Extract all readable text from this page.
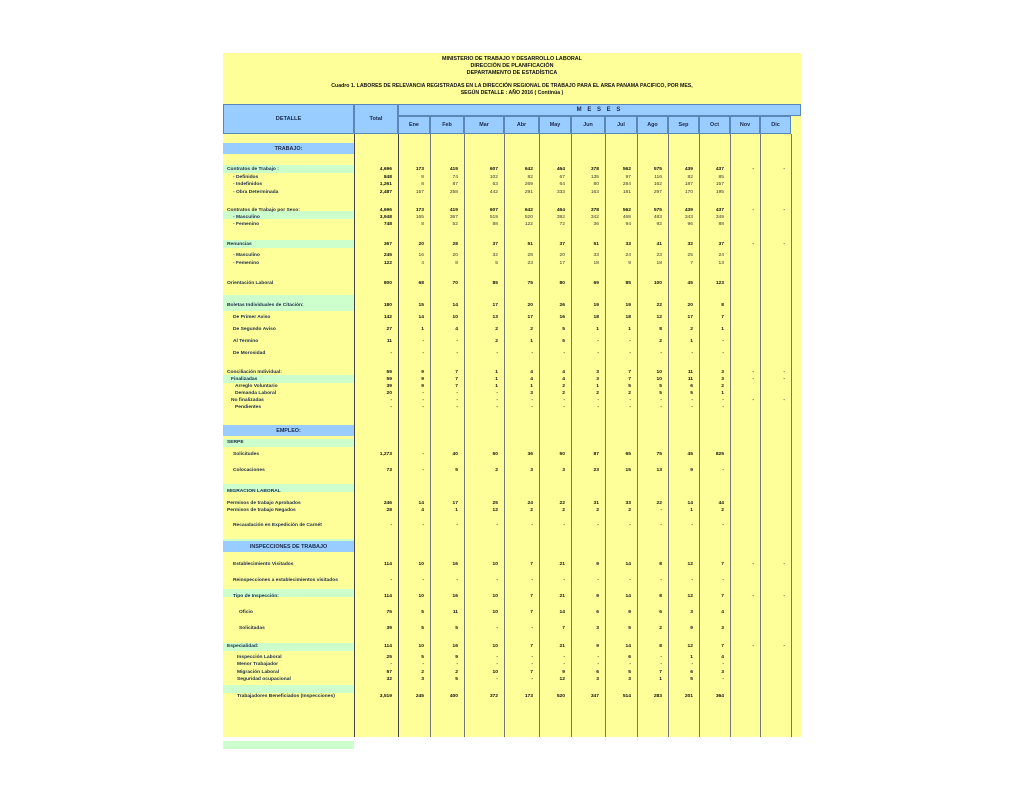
MINISTERIO DE TRABAJO Y DESARROLLO LABORAL
DIRECCIÓN DE PLANIFICACIÓN
DEPARTAMENTO DE ESTADÍSTICA
Cuadro 1. LABORES DE RELEVANCIA REGISTRADAS EN LA DIRECCIÓN REGIONAL DE TRABAJO PARA EL AREA PANAMA PACIFICO, POR MES,
SEGÚN DETALLE : AÑO 2016 ( Continúa )
DETALLE	Total
M E S E S
Ene	Feb	Mar	Abr	May	Jun	Jul	Ago	Sep	Oct	Nov	Dic
TRABAJO:
EMPLEO:
INSPECCIONES DE TRABAJO
Contratos de Trabajo :	4,696	173	419	607	642	464	378	562	575	439	437	-	-
- Definidos	848	8	74	102	82	67	135	97	116	82	85
- Indefinidos	1,261	8	87	63	269	64	80	284	162	187	157
- Obra Determinada	2,487	157	258	442	291	333	163	181	297	170	195
Contratos de Trabajo por Sexo:	4,696	173	419	607	642	464	378	562	575	439	437	-	-
- Masculino	3,948	165	367	519	520	392	342	468	483	343	349
- Femenino	748	8	52	88	122	72	36	94	92	96	88
Renuncias	367	20	28	37	51	37	51	33	41	32	37	-	-
- Masculino	245	16	20	32	28	20	33	24	23	25	24
- Femenino	122	4	8	5	23	17	18	9	18	7	13
Orientación Laboral	800	68	70	85	75	80	69	85	100	45	123
Boletas Individuales de Citación:	180	15	14	17	20	26	19	19	22	20	8
De Primer Aviso	142	14	10	13	17	16	18	18	12	17	7
De Segundo Aviso	27	1	4	2	2	5	1	1	8	2	1
Al Termino	11	-	-	2	1	5	-	-	2	1	-
De Morosidad	-	-	-	-	-	-	-	-	-	-	-
Conciliación Individual:	59	9	7	1	4	4	3	7	10	11	3	-	-
Finalizadas	59	9	7	1	4	4	3	7	10	11	3	-	-
Arreglo Voluntario	39	9	7	1	1	2	1	5	5	6	2
Demanda Laboral	20	-	-	-	3	2	2	2	5	5	1
No finalizadas	-	-	-	-	-	-	-	-	-	-	-	-	-
Pendientes	-	-	-	-	-	-	-	-	-	-	-
SERPE
Solicitudes	1,273	-	40	50	36	50	87	65	75	45	825
Colocaciones	73	-	5	2	3	3	23	15	13	9	-
MIGRACION LABORAL
Permisos de trabajo Aprobados	246	14	17	25	24	22	31	33	22	14	44
Permisos de trabajo Negados	28	4	1	12	2	2	2	2	-	1	2
Recaudación en Expedición de Carnét	-	-	-	-	-	-	-	-	-	-	-
Establecimiento Visitados	114	10	16	10	7	21	9	14	8	12	7	-	-
Reinspecciones a establecimientos visitados	-	-	-	-	-	-	-	-	-	-	-
Tipo de Inspección:	114	10	16	10	7	21	9	14	8	12	7	-	-
Oficio	75	5	11	10	7	14	6	9	6	3	4
Solicitadas	39	5	5	-	-	7	3	5	2	9	3
Especialidad:	114	10	16	10	7	21	9	14	8	12	7	-	-
Inspección Laboral	25	5	9	-	-	-	-	6	-	1	4
Menor Trabajador	-	-	-	-	-	-	-	-	-	-	-
Migración Laboral	57	2	2	10	7	9	6	5	7	6	3
Seguridad ocupacional	32	3	5	-	-	12	3	3	1	5	-
Trabajadores Beneficiados (Inspecciones)	3,519	245	400	372	173	520	347	514	283	201	364
